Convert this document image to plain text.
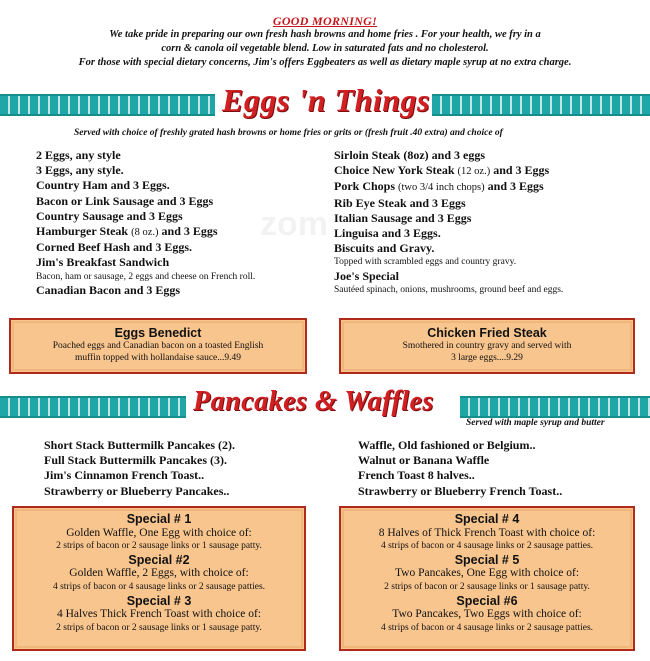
GOOD MORNING!
We take pride in preparing our own fresh hash browns and home fries . For your health, we fry in a
corn & canola oil vegetable blend. Low in saturated fats and no cholesterol.
For those with special dietary concerns, Jim's offers Eggbeaters as well as dietary maple syrup at no extra charge.
Eggs 'n Things
Served with choice of freshly grated hash browns or home fries or grits or (fresh fruit .40 extra) and choice of
zom
2 Eggs, any style
3 Eggs, any style.
Country Ham and 3 Eggs.
Bacon or Link Sausage and 3 Eggs
Country Sausage and 3 Eggs
Hamburger Steak (8 oz.) and 3 Eggs
Corned Beef Hash and 3 Eggs.
Jim's Breakfast Sandwich
Bacon, ham or sausage, 2 eggs and cheese on French roll.
Canadian Bacon and 3 Eggs
Sirloin Steak (8oz) and 3 eggs
Choice New York Steak (12 oz.) and 3 Eggs
Pork Chops (two 3/4 inch chops) and 3 Eggs
Rib Eye Steak and 3 Eggs
Italian Sausage and 3 Eggs
Linguisa and 3 Eggs.
Biscuits and Gravy.
Topped with scrambled eggs and country gravy.
Joe's Special
Sautéed spinach, onions, mushrooms, ground beef and eggs.
Eggs Benedict
Poached eggs and Canadian bacon on a toasted English
muffin topped with hollandaise sauce...9.49
Chicken Fried Steak
Smothered in country gravy and served with
3 large eggs....9.29
Pancakes & Waffles
Served with maple syrup and butter
Short Stack Buttermilk Pancakes (2).
Full Stack Buttermilk Pancakes (3).
Jim's Cinnamon French Toast..
Strawberry or Blueberry Pancakes..
Waffle, Old fashioned or Belgium..
Walnut or Banana Waffle
French Toast 8 halves..
Strawberry or Blueberry French Toast..
Special # 1
Golden Waffle, One Egg with choice of:
2 strips of bacon or 2 sausage links or 1 sausage patty.
Special #2
Golden Waffle, 2 Eggs, with choice of:
4 strips of bacon or 4 sausage links or 2 sausage patties.
Special # 3
4 Halves Thick French Toast with choice of:
2 strips of bacon or 2 sausage links or 1 sausage patty.
Special # 4
8 Halves of Thick French Toast with choice of:
4 strips of bacon or 4 sausage links or 2 sausage patties.
Special # 5
Two Pancakes, One Egg with choice of:
2 strips of bacon or 2 sausage links or 1 sausage patty.
Special #6
Two Pancakes, Two Eggs with choice of:
4 strips of bacon or 4 sausage links or 2 sausage patties.
